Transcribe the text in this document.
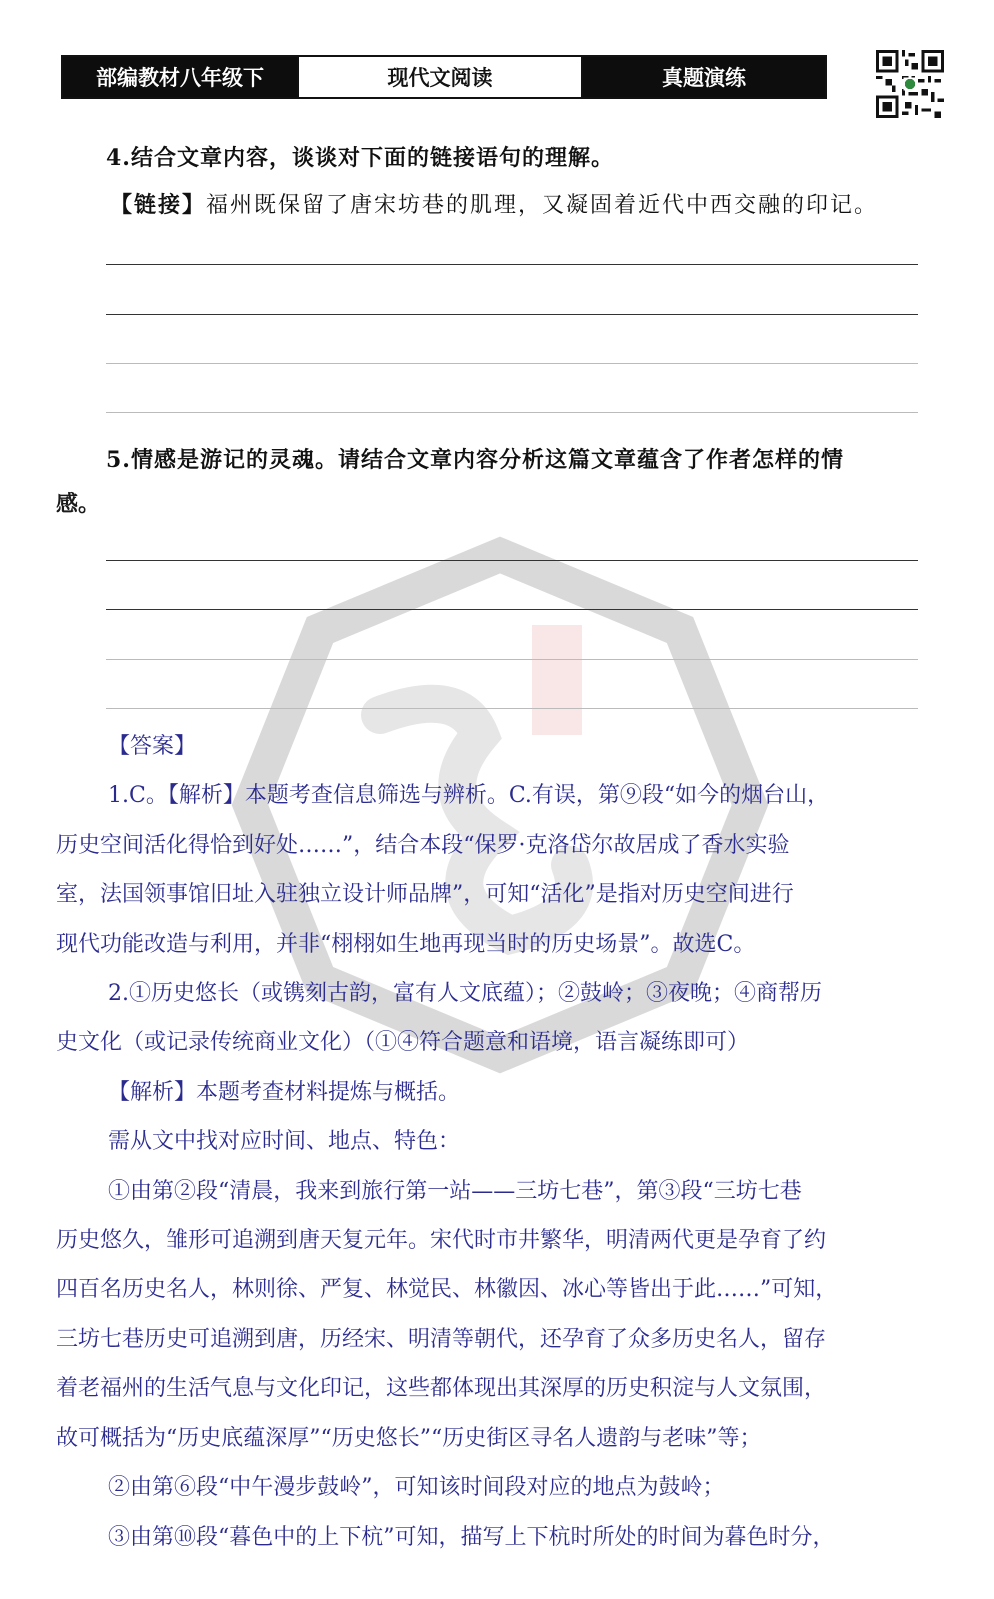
部编教材八年级下	现代文阅读	真题演练
4.结合文章内容，谈谈对下面的链接语句的理解。
【链接】福州既保留了唐宋坊巷的肌理，又凝固着近代中西交融的印记。
5.情感是游记的灵魂。请结合文章内容分析这篇文章蕴含了作者怎样的情
感。

【答案】

1.C。【解析】本题考查信息筛选与辨析。C.有误，第⑨段“如今的烟台山，

历史空间活化得恰到好处……”，结合本段“保罗·克洛岱尔故居成了香水实验

室，法国领事馆旧址入驻独立设计师品牌”，可知“活化”是指对历史空间进行

现代功能改造与利用，并非“栩栩如生地再现当时的历史场景”。故选C。

2.①历史悠长（或镌刻古韵，富有人文底蕴）；②鼓岭；③夜晚；④商帮历

史文化（或记录传统商业文化）（①④符合题意和语境，语言凝练即可）

【解析】本题考查材料提炼与概括。

需从文中找对应时间、地点、特色：

①由第②段“清晨，我来到旅行第一站——三坊七巷”，第③段“三坊七巷

历史悠久，雏形可追溯到唐天复元年。宋代时市井繁华，明清两代更是孕育了约

四百名历史名人，林则徐、严复、林觉民、林徽因、冰心等皆出于此……”可知，

三坊七巷历史可追溯到唐，历经宋、明清等朝代，还孕育了众多历史名人，留存

着老福州的生活气息与文化印记，这些都体现出其深厚的历史积淀与人文氛围，

故可概括为“历史底蕴深厚”“历史悠长”“历史街区寻名人遗韵与老味”等；

②由第⑥段“中午漫步鼓岭”，可知该时间段对应的地点为鼓岭；

③由第⑩段“暮色中的上下杭”可知，描写上下杭时所处的时间为暮色时分，
